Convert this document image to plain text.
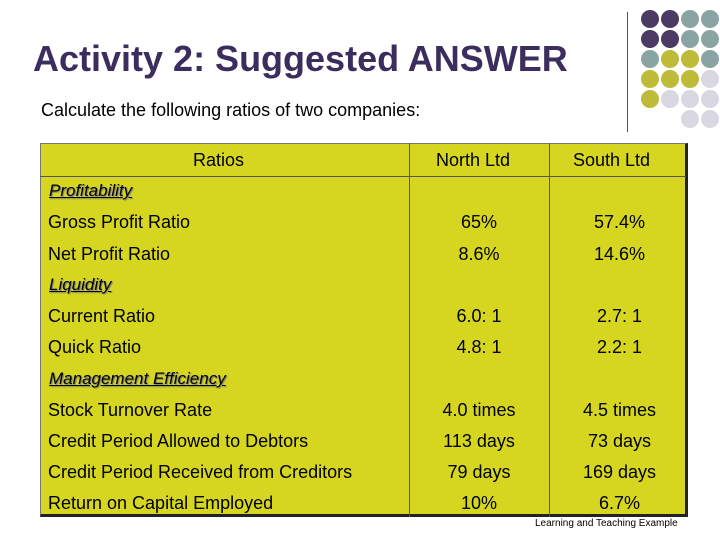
Activity 2: Suggested ANSWER
Calculate the following ratios of two companies:
Ratios	North Ltd	South Ltd
Profitability
Gross Profit Ratio	65%	57.4%
Net Profit Ratio	8.6%	14.6%
Liquidity
Current Ratio	6.0: 1	2.7: 1
Quick Ratio	4.8: 1	2.2: 1
Management Efficiency
Stock Turnover Rate	4.0 times	4.5 times
Credit Period Allowed to Debtors	113 days	73 days
Credit Period Received from Creditors	79 days	169 days
Return on Capital Employed	10%	6.7%
Learning and Teaching Example
